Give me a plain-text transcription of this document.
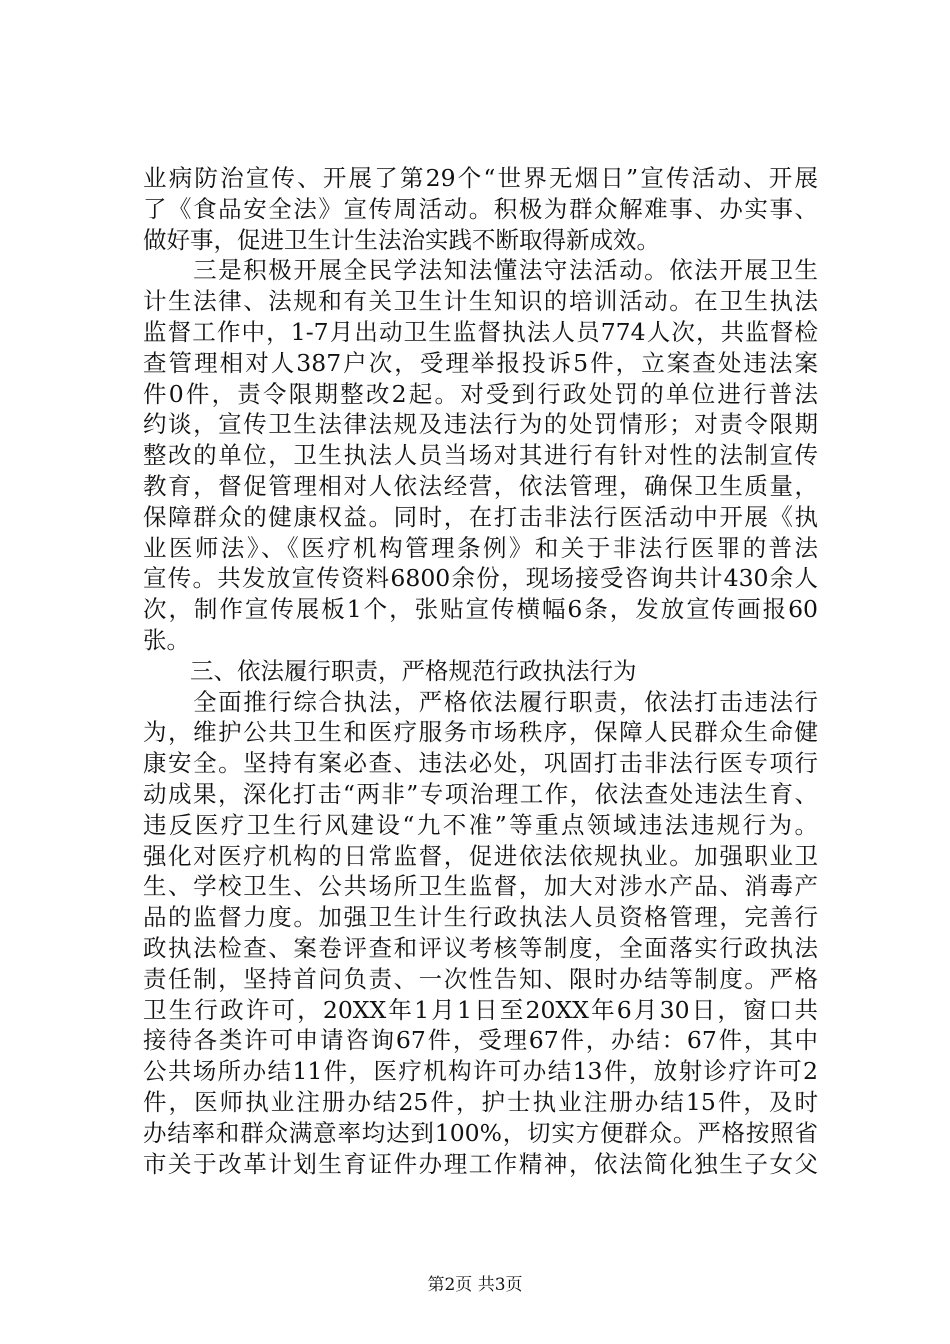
业病防治宣传、开展了第29个“世界无烟日”宣传活动、开展
了《食品安全法》宣传周活动。积极为群众解难事、办实事、
做好事，促进卫生计生法治实践不断取得新成效。
　　三是积极开展全民学法知法懂法守法活动。依法开展卫生
计生法律、法规和有关卫生计生知识的培训活动。在卫生执法
监督工作中，1-7月出动卫生监督执法人员774人次，共监督检
查管理相对人387户次，受理举报投诉5件，立案查处违法案
件0件，责令限期整改2起。对受到行政处罚的单位进行普法
约谈，宣传卫生法律法规及违法行为的处罚情形；对责令限期
整改的单位，卫生执法人员当场对其进行有针对性的法制宣传
教育，督促管理相对人依法经营，依法管理，确保卫生质量，
保障群众的健康权益。同时，在打击非法行医活动中开展《执
业医师法》、《医疗机构管理条例》和关于非法行医罪的普法
宣传。共发放宣传资料6800余份，现场接受咨询共计430余人
次，制作宣传展板1个，张贴宣传横幅6条，发放宣传画报60
张。
　　三、依法履行职责，严格规范行政执法行为
　　全面推行综合执法，严格依法履行职责，依法打击违法行
为，维护公共卫生和医疗服务市场秩序，保障人民群众生命健
康安全。坚持有案必查、违法必处，巩固打击非法行医专项行
动成果，深化打击“两非”专项治理工作，依法查处违法生育、
违反医疗卫生行风建设“九不准”等重点领域违法违规行为。
强化对医疗机构的日常监督，促进依法依规执业。加强职业卫
生、学校卫生、公共场所卫生监督，加大对涉水产品、消毒产
品的监督力度。加强卫生计生行政执法人员资格管理，完善行
政执法检查、案卷评查和评议考核等制度，全面落实行政执法
责任制，坚持首问负责、一次性告知、限时办结等制度。严格
卫生行政许可，20XX年1月1日至20XX年6月30日，窗口共
接待各类许可申请咨询67件，受理67件，办结：67件，其中
公共场所办结11件，医疗机构许可办结13件，放射诊疗许可2
件，医师执业注册办结25件，护士执业注册办结15件，及时
办结率和群众满意率均达到100%，切实方便群众。严格按照省
市关于改革计划生育证件办理工作精神，依法简化独生子女父
第2页 共3页
